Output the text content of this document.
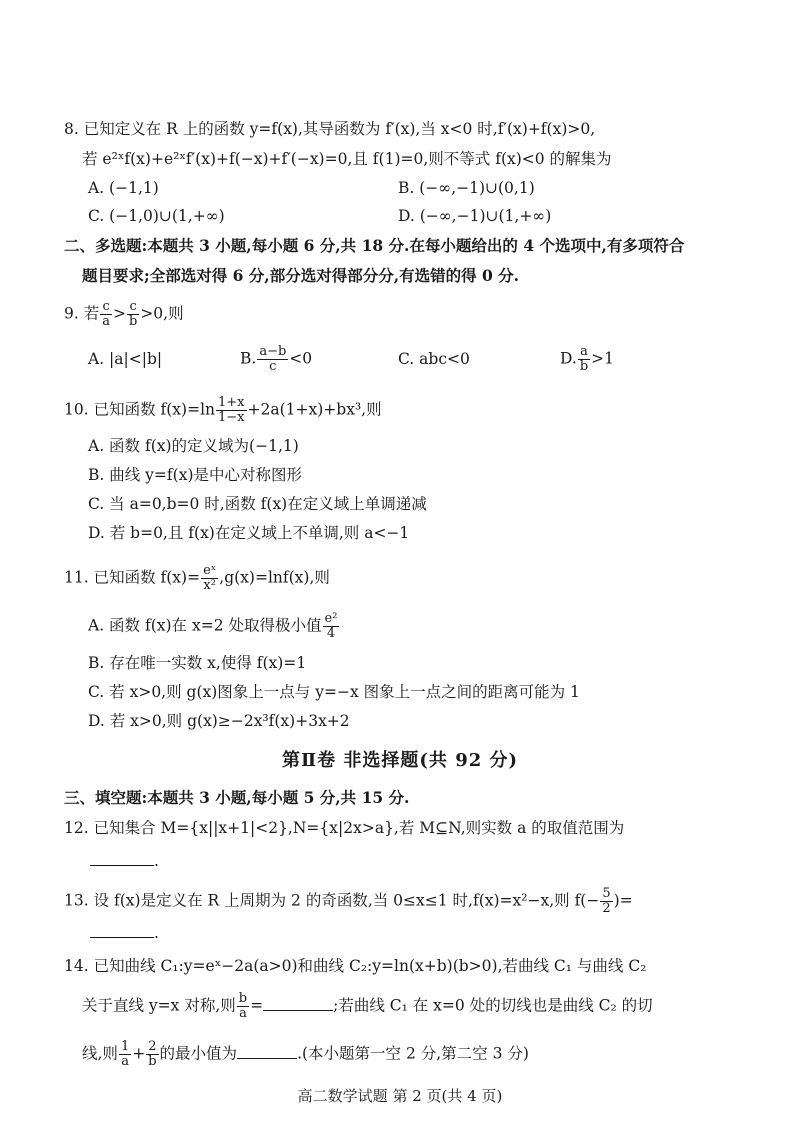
8. 已知定义在 R 上的函数 y=f(x),其导函数为 f′(x),当 x<0 时,f′(x)+f(x)>0,
若 e²ˣf(x)+e²ˣf′(x)+f(−x)+f′(−x)=0,且 f(1)=0,则不等式 f(x)<0 的解集为
A. (−1,1)	B. (−∞,−1)∪(0,1)
C. (−1,0)∪(1,+∞)	D. (−∞,−1)∪(1,+∞)
二、多选题:本题共 3 小题,每小题 6 分,共 18 分.在每小题给出的 4 个选项中,有多项符合
题目要求;全部选对得 6 分,部分选对得部分分,有选错的得 0 分.
9. 若 $\frac{c}{a} > \frac{c}{b} >0$,则
A. |a|<|b|	B. $\frac{a-b}{c} <0$	C. abc<0	D. $\frac{a}{b} >1$
10. 已知函数 $f(x)=\ln \frac{1+x}{1-x} +2a(1+x)+bx^3$,则
A. 函数 f(x)的定义域为(−1,1)
B. 曲线 y=f(x)是中心对称图形
C. 当 a=0,b=0 时,函数 f(x)在定义域上单调递减
D. 若 b=0,且 f(x)在定义域上不单调,则 a<−1
11. 已知函数 $f(x)= \frac{\text{eˣ}}{\text{x²}} ,g(x)=\ln f(x)$,则
A. 函数 f(x)在 x=2 处取得极小值 $\frac{\text{e²}}{4}$
B. 存在唯一实数 x,使得 f(x)=1
C. 若 x>0,则 g(x)图象上一点与 y=−x 图象上一点之间的距离可能为 1
D. 若 x>0,则 g(x)≥−2x³f(x)+3x+2
第Ⅱ卷 非选择题(共 92 分)
三、填空题:本题共 3 小题,每小题 5 分,共 15 分.
12. 已知集合 M={x||x+1|<2},N={x|2x>a},若 M⊆N,则实数 a 的取值范围为
.
13. 设 f(x)是定义在 R 上周期为 2 的奇函数,当 0≤x≤1 时,f(x)=x²−x,则 $f(- \frac{5}{2}$ )=
.
14. 已知曲线 C₁:y=eˣ−2a(a>0)和曲线 C₂:y=ln(x+b)(b>0),若曲线 C₁ 与曲线 C₂
关于直线 y=x 对称,则 $\frac{b}{a}$ =	;若曲线 C₁ 在 x=0 处的切线也是曲线 C₂ 的切
线,则 $\frac{1}{a} + \frac{2}{b}$ 的最小值为	.(本小题第一空 2 分,第二空 3 分)
高二数学试题 第 2 页(共 4 页)
